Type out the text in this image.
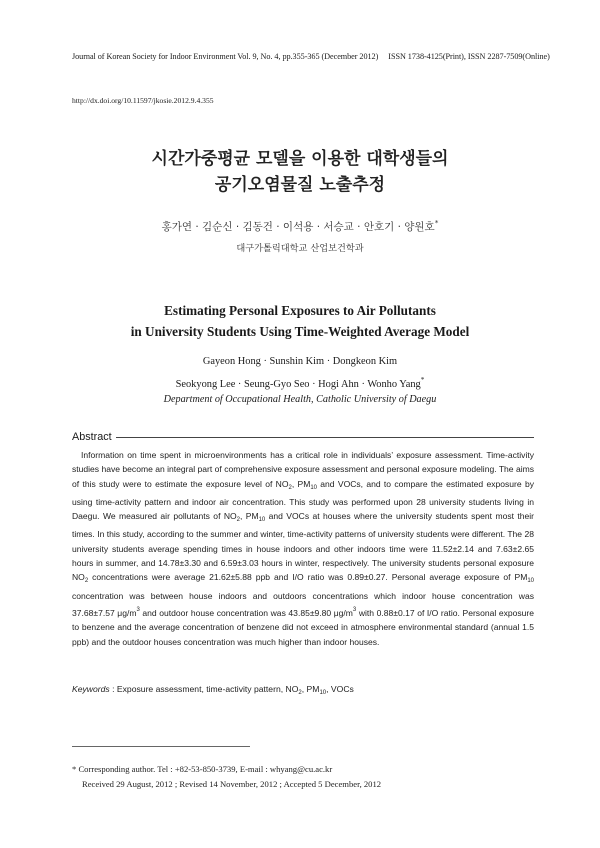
Journal of Korean Society for Indoor Environment Vol. 9, No. 4, pp.355-365 (December 2012) ISSN 1738-4125(Print), ISSN 2287-7509(Online)
http://dx.doi.org/10.11597/jkosie.2012.9.4.355
시간가중평균 모델을 이용한 대학생들의
공기오염물질 노출추정
홍가연 · 김순신 · 김동건 · 이석용 · 서승교 · 안호기 · 양원호*
대구가톨릭대학교 산업보건학과
Estimating Personal Exposures to Air Pollutants
in University Students Using Time-Weighted Average Model
Gayeon Hong · Sunshin Kim · Dongkeon Kim
Seokyong Lee · Seung-Gyo Seo · Hogi Ahn · Wonho Yang*
Department of Occupational Health, Catholic University of Daegu
Abstract
Information on time spent in microenvironments has a critical role in individuals’ exposure assessment. Time-activity studies have become an integral part of comprehensive exposure assessment and personal exposure modeling. The aims of this study were to estimate the exposure level of $NO_2$, $PM_{10}$ and VOCs, and to compare the estimated exposure by using time-activity pattern and indoor air concentration. This study was performed upon 28 university students living in Daegu. We measured air pollutants of $NO_2$, $PM_{10}$ and VOCs at houses where the university students spent most their times. In this study, according to the summer and winter, time-activity patterns of university students were different. The 28 university students average spending times in house indoors and other indoors time were 11.52±2.14 and 7.63±2.65 hours in summer, and 14.78±3.30 and 6.59±3.03 hours in winter, respectively. The university students personal exposure $NO_2$ concentrations were average 21.62±5.88 ppb and I/O ratio was 0.89±0.27. Personal average exposure of $PM_{10}$ concentration was between house indoors and outdoors concentrations which indoor house concentration was 37.68±7.57 $\mu g/m^3$ and outdoor house concentration was 43.85±9.80 $\mu g/m^3$ with 0.88±0.17 of I/O ratio. Personal exposure to benzene and the average concentration of benzene did not exceed in atmosphere environmental standard (annual 1.5 ppb) and the outdoor houses concentration was much higher than indoor houses.
Keywords : Exposure assessment, time-activity pattern, $NO_2$, $PM_{10}$, VOCs
* Corresponding author. Tel : +82-53-850-3739, E-mail : whyang@cu.ac.kr
Received 29 August, 2012 ; Revised 14 November, 2012 ; Accepted 5 December, 2012
